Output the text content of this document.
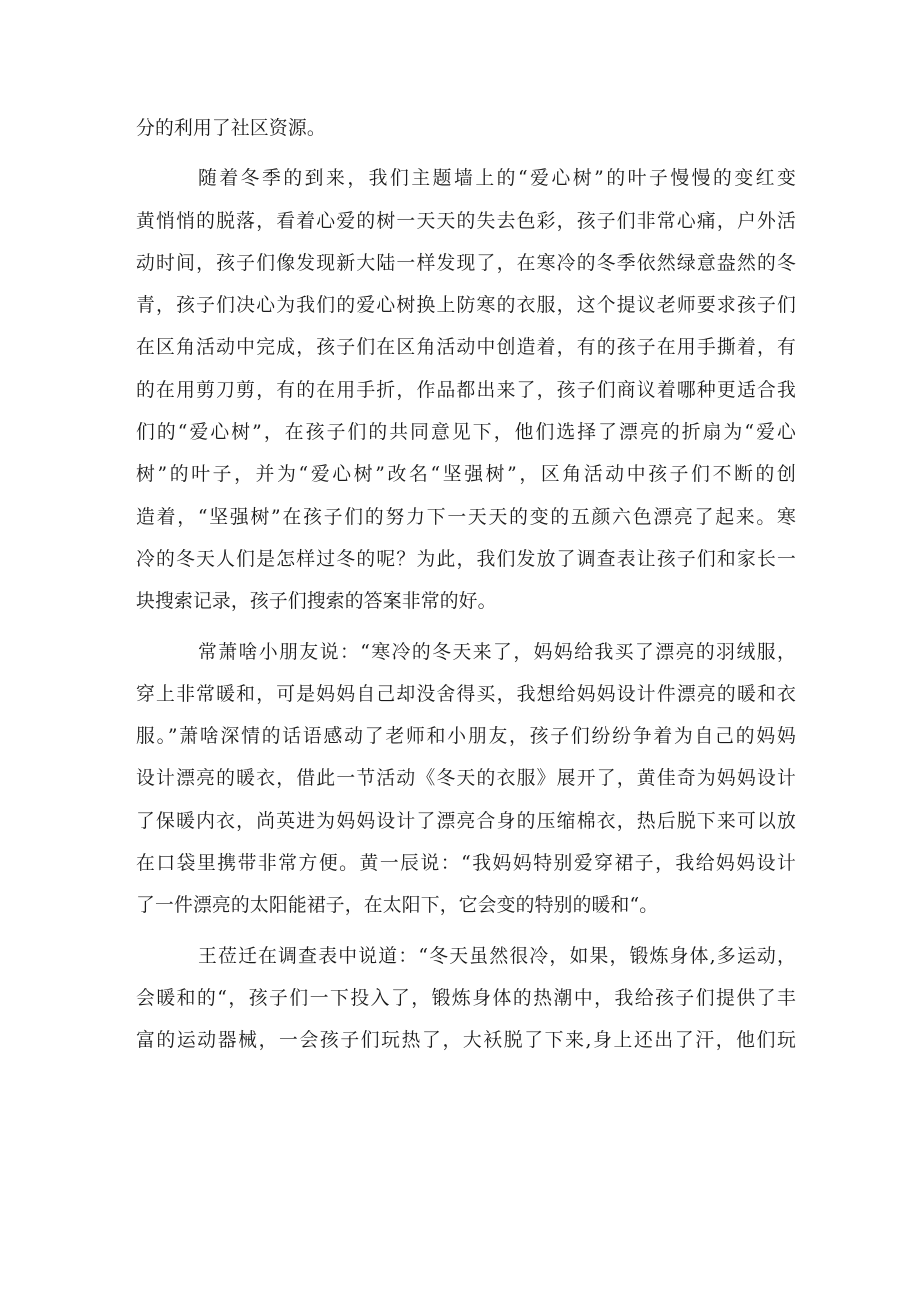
分的利用了社区资源。
随着冬季的到来，我们主题墙上的“爱心树”的叶子慢慢的变红变
黄悄悄的脱落，看着心爱的树一天天的失去色彩，孩子们非常心痛，户外活
动时间，孩子们像发现新大陆一样发现了，在寒冷的冬季依然绿意盎然的冬
青，孩子们决心为我们的爱心树换上防寒的衣服，这个提议老师要求孩子们
在区角活动中完成，孩子们在区角活动中创造着，有的孩子在用手撕着，有
的在用剪刀剪，有的在用手折，作品都出来了，孩子们商议着哪种更适合我
们的“爱心树”，在孩子们的共同意见下，他们选择了漂亮的折扇为“爱心
树”的叶子，并为“爱心树”改名“坚强树”，区角活动中孩子们不断的创
造着，“坚强树”在孩子们的努力下一天天的变的五颜六色漂亮了起来。寒
冷的冬天人们是怎样过冬的呢？为此，我们发放了调查表让孩子们和家长一
块搜索记录，孩子们搜索的答案非常的好。
常萧啥小朋友说：“寒冷的冬天来了，妈妈给我买了漂亮的羽绒服，
穿上非常暖和，可是妈妈自己却没舍得买，我想给妈妈设计件漂亮的暖和衣
服。”萧啥深情的话语感动了老师和小朋友，孩子们纷纷争着为自己的妈妈
设计漂亮的暖衣，借此一节活动《冬天的衣服》展开了，黄佳奇为妈妈设计
了保暖内衣，尚英进为妈妈设计了漂亮合身的压缩棉衣，热后脱下来可以放
在口袋里携带非常方便。黄一辰说：“我妈妈特别爱穿裙子，我给妈妈设计
了一件漂亮的太阳能裙子，在太阳下，它会变的特别的暖和“。
王莅迁在调查表中说道：“冬天虽然很冷，如果，锻炼身体,多运动，
会暖和的“，孩子们一下投入了，锻炼身体的热潮中，我给孩子们提供了丰
富的运动器械，一会孩子们玩热了，大袄脱了下来,身上还出了汗，他们玩
